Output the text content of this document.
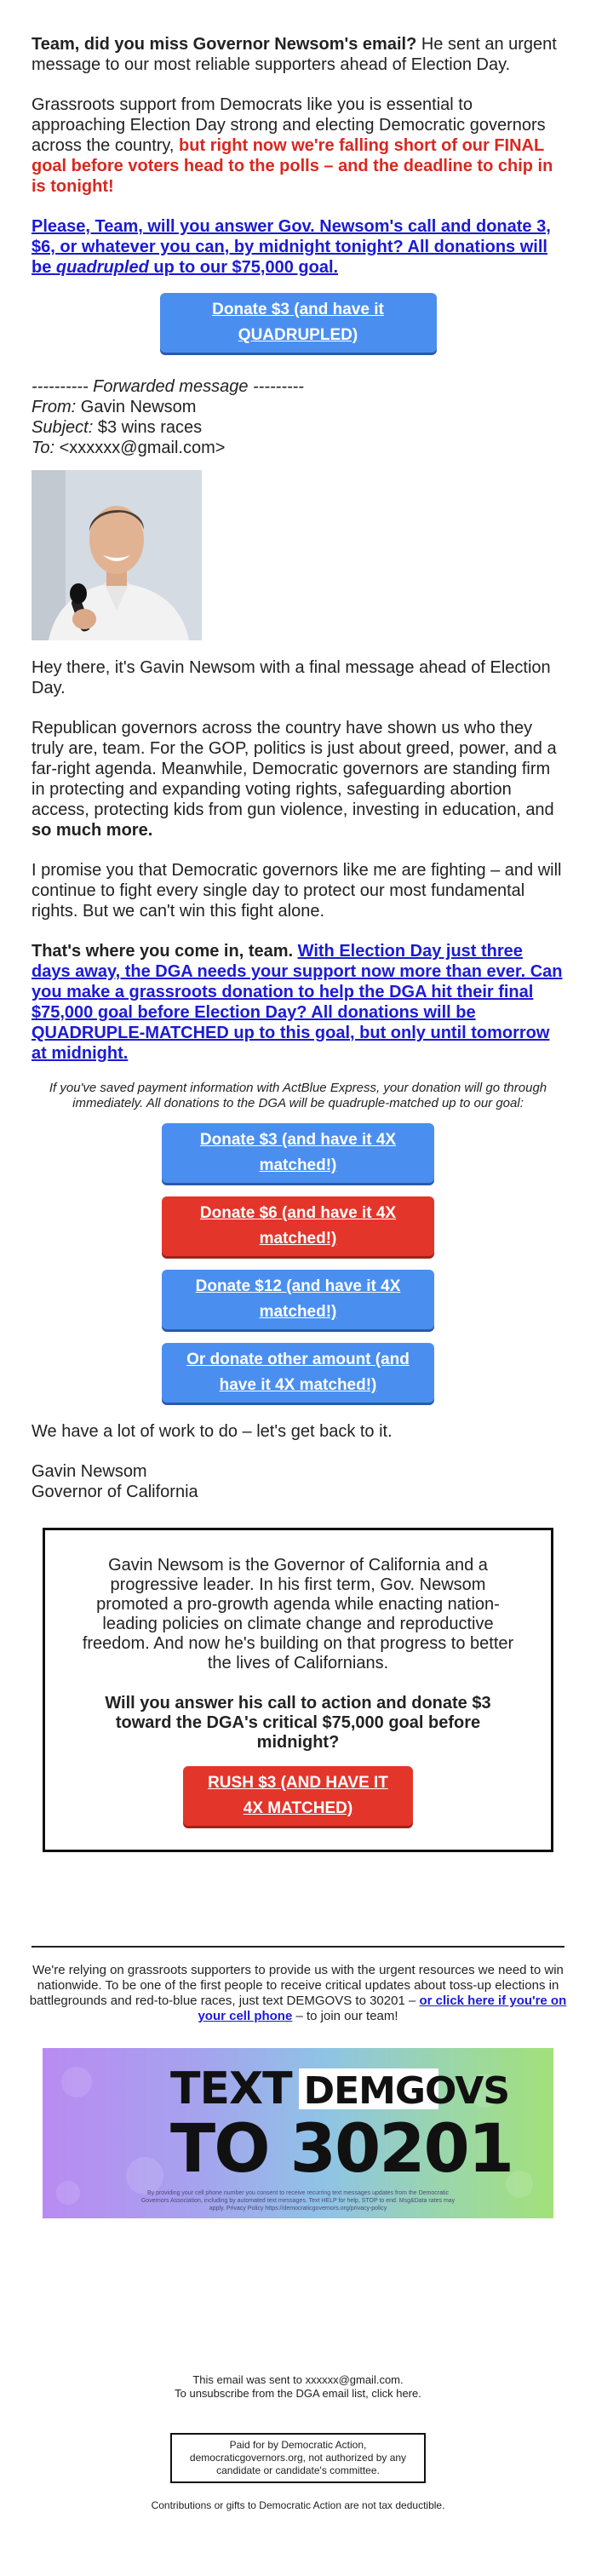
Team, did you miss Governor Newsom's email? He sent an urgent message to our most reliable supporters ahead of Election Day.

Grassroots support from Democrats like you is essential to approaching Election Day strong and electing Democratic governors across the country, but right now we're falling short of our FINAL goal before voters head to the polls – and the deadline to chip in is tonight!

Please, Team, will you answer Gov. Newsom's call and donate 3, $6, or whatever you can, by midnight tonight? All donations will be quadrupled up to our $75,000 goal.

Donate $3 (and have it QUADRUPLED)
---------- Forwarded message ---------
From: Gavin Newsom
Subject: $3 wins races
To: <xxxxxx@gmail.com>

Hey there, it's Gavin Newsom with a final message ahead of Election Day.

Republican governors across the country have shown us who they truly are, team. For the GOP, politics is just about greed, power, and a far-right agenda. Meanwhile, Democratic governors are standing firm in protecting and expanding voting rights, safeguarding abortion access, protecting kids from gun violence, investing in education, and so much more.

I promise you that Democratic governors like me are fighting – and will continue to fight every single day to protect our most fundamental rights. But we can't win this fight alone.

That's where you come in, team. With Election Day just three days away, the DGA needs your support now more than ever. Can you make a grassroots donation to help the DGA hit their final $75,000 goal before Election Day? All donations will be QUADRUPLE-MATCHED up to this goal, but only until tomorrow at midnight.

If you've saved payment information with ActBlue Express, your donation will go through immediately. All donations to the DGA will be quadruple-matched up to our goal:

Donate $3 (and have it 4X matched!)
Donate $6 (and have it 4X matched!)
Donate $12 (and have it 4X matched!)
Or donate other amount (and have it 4X matched!)

We have a lot of work to do – let's get back to it.

Gavin Newsom
Governor of California

Gavin Newsom is the Governor of California and a progressive leader. In his first term, Gov. Newsom promoted a pro-growth agenda while enacting nation-leading policies on climate change and reproductive freedom. And now he's building on that progress to better the lives of Californians.

Will you answer his call to action and donate $3 toward the DGA's critical $75,000 goal before midnight?

RUSH $3 (AND HAVE IT 4X MATCHED)

We're relying on grassroots supporters to provide us with the urgent resources we need to win nationwide. To be one of the first people to receive critical updates about toss-up elections in battlegrounds and red-to-blue races, just text DEMGOVS to 30201 – or click here if you're on your cell phone – to join our team!

TEXT DEMGOVS
TO 30201
By providing your cell phone number you consent to receive recurring text messages updates from the Democratic Governors Association, including by automated text messages. Text HELP for help, STOP to end. Msg&Data rates may apply. Privacy Policy https://democraticgovernors.org/privacy-policy

This email was sent to xxxxxx@gmail.com.

To unsubscribe from the DGA email list, click here.

Paid for by Democratic Action, democraticgovernors.org, not authorized by any candidate or candidate's committee.

Contributions or gifts to Democratic Action are not tax deductible.
